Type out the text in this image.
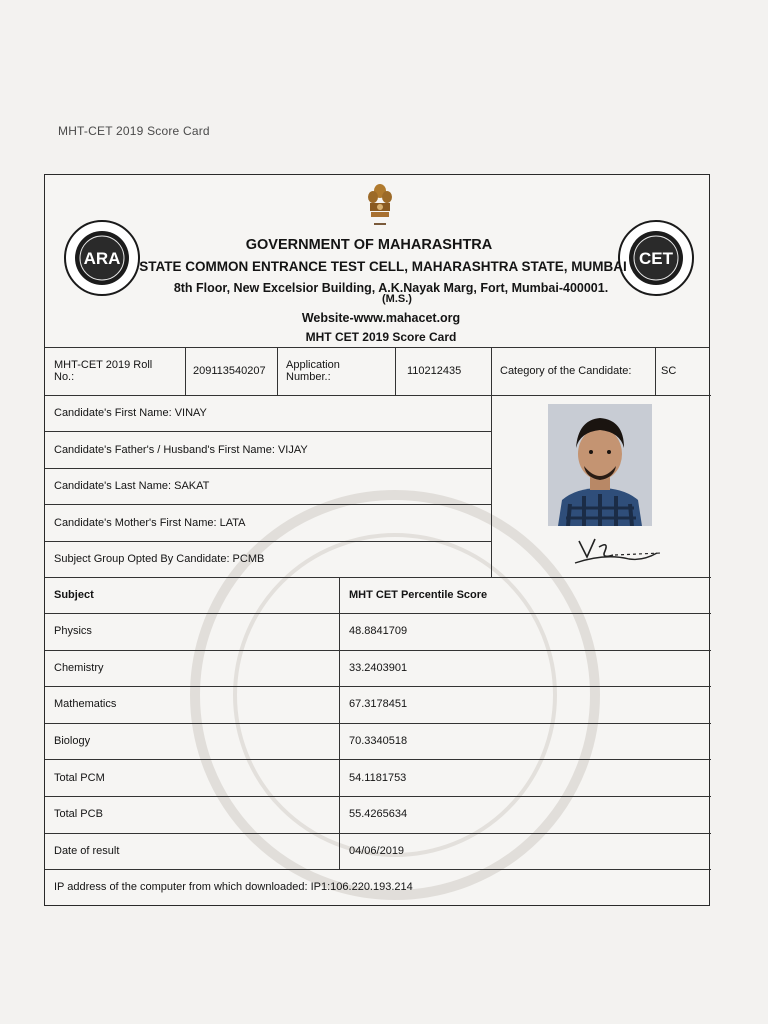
MHT-CET 2019 Score Card
ARA	CET
GOVERNMENT OF MAHARASHTRA
STATE COMMON ENTRANCE TEST CELL, MAHARASHTRA STATE, MUMBAI
8th Floor, New Excelsior Building, A.K.Nayak Marg, Fort, Mumbai-400001.
(M.S.)
Website-www.mahacet.org
MHT CET 2019 Score Card
MHT-CET 2019 Roll No.:	209113540207	Application Number.:	110212435	Category of the Candidate:	SC
Candidate's First Name: VINAY
Candidate's Father's / Husband's First Name: VIJAY
Candidate's Last Name: SAKAT
Candidate's Mother's First Name: LATA
Subject Group Opted By Candidate: PCMB
Subject	MHT CET Percentile Score
Physics	48.8841709
Chemistry	33.2403901
Mathematics	67.3178451
Biology	70.3340518
Total PCM	54.1181753
Total PCB	55.4265634
Date of result	04/06/2019
IP address of the computer from which downloaded: IP1:106.220.193.214
